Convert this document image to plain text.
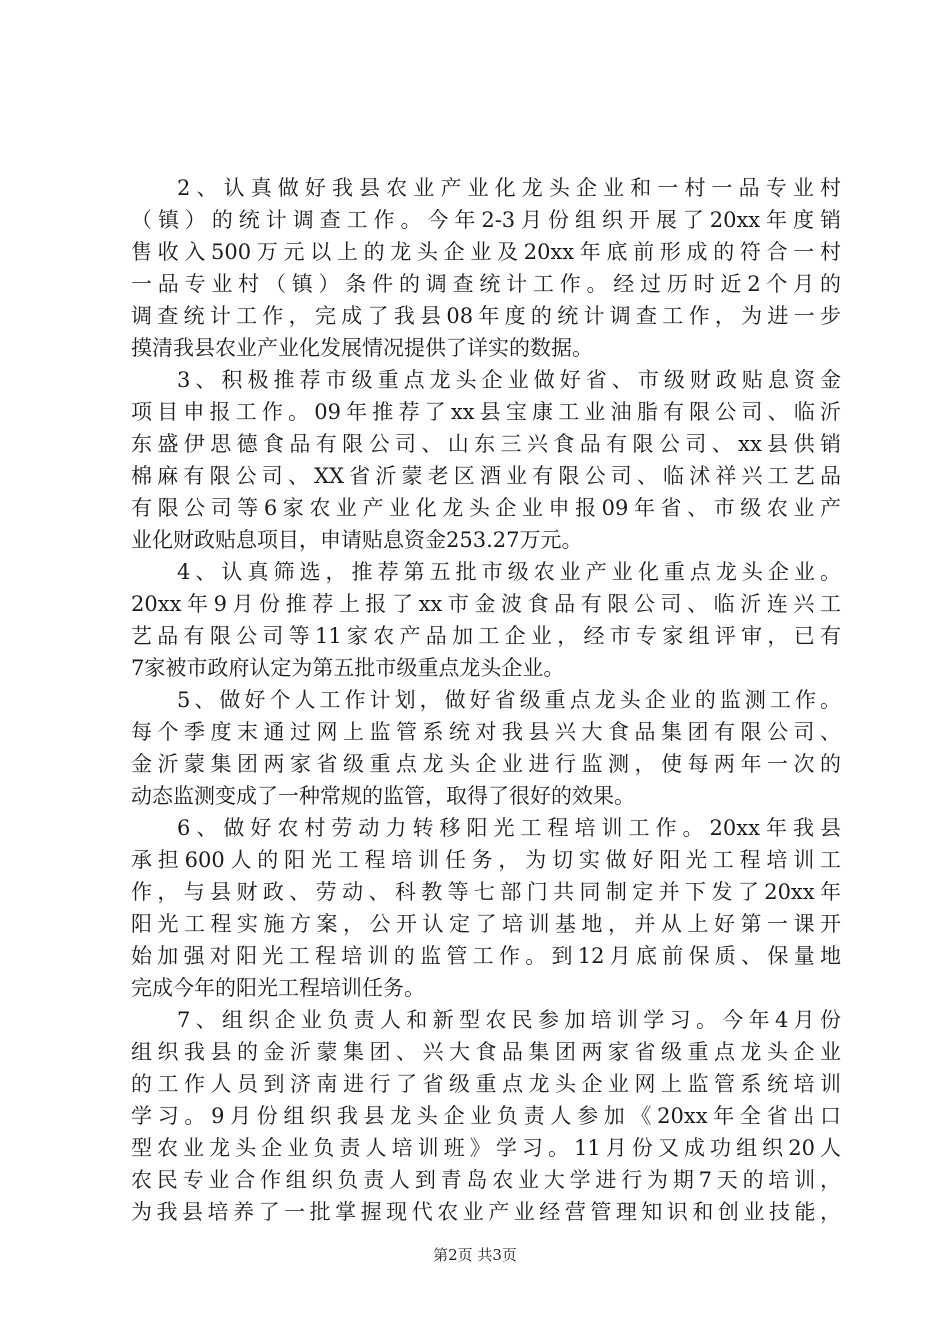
2、认真做好我县农业产业化龙头企业和一村一品专业村
（镇）的统计调查工作。今年2-3月份组织开展了20xx年度销
售收入500万元以上的龙头企业及20xx年底前形成的符合一村
一品专业村（镇）条件的调查统计工作。经过历时近2个月的
调查统计工作，完成了我县08年度的统计调查工作，为进一步
摸清我县农业产业化发展情况提供了详实的数据。
3、积极推荐市级重点龙头企业做好省、市级财政贴息资金
项目申报工作。09年推荐了xx县宝康工业油脂有限公司、临沂
东盛伊思德食品有限公司、山东三兴食品有限公司、xx县供销
棉麻有限公司、XX省沂蒙老区酒业有限公司、临沭祥兴工艺品
有限公司等6家农业产业化龙头企业申报09年省、市级农业产
业化财政贴息项目，申请贴息资金253.27万元。
4、认真筛选，推荐第五批市级农业产业化重点龙头企业。
20xx年9月份推荐上报了xx市金波食品有限公司、临沂连兴工
艺品有限公司等11家农产品加工企业，经市专家组评审，已有
7家被市政府认定为第五批市级重点龙头企业。
5、做好个人工作计划，做好省级重点龙头企业的监测工作。
每个季度末通过网上监管系统对我县兴大食品集团有限公司、
金沂蒙集团两家省级重点龙头企业进行监测，使每两年一次的
动态监测变成了一种常规的监管，取得了很好的效果。
6、做好农村劳动力转移阳光工程培训工作。20xx年我县
承担600人的阳光工程培训任务，为切实做好阳光工程培训工
作，与县财政、劳动、科教等七部门共同制定并下发了20xx年
阳光工程实施方案，公开认定了培训基地，并从上好第一课开
始加强对阳光工程培训的监管工作。到12月底前保质、保量地
完成今年的阳光工程培训任务。
7、组织企业负责人和新型农民参加培训学习。今年4月份
组织我县的金沂蒙集团、兴大食品集团两家省级重点龙头企业
的工作人员到济南进行了省级重点龙头企业网上监管系统培训
学习。9月份组织我县龙头企业负责人参加《20xx年全省出口
型农业龙头企业负责人培训班》学习。11月份又成功组织20人
农民专业合作组织负责人到青岛农业大学进行为期7天的培训，
为我县培养了一批掌握现代农业产业经营管理知识和创业技能，
第2页 共3页
